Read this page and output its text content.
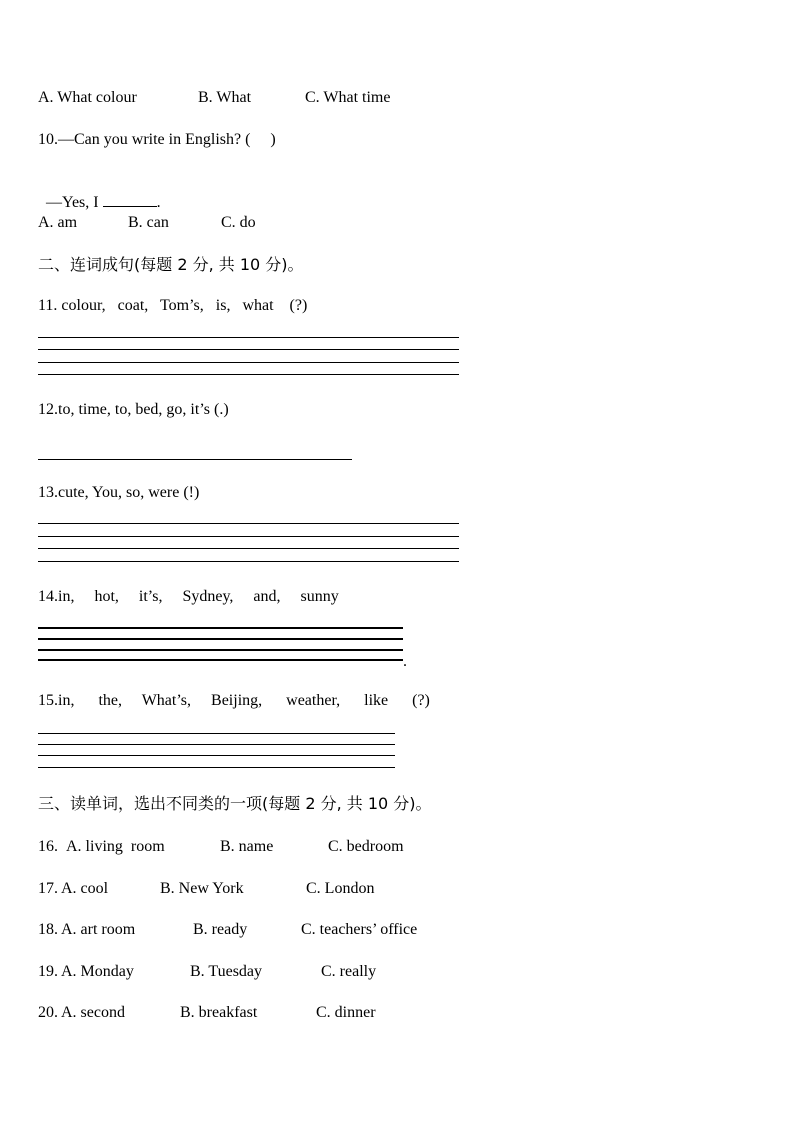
A. What colour	B. What	C. What time
10.—Can you write in English? (     )

—Yes, I	.

A. am	B. can	C. do
二、连词成句(每题 2 分, 共 10 分)。
11. colour,   coat,   Tom’s,   is,   what    (?)
12.to, time, to, bed, go, it’s (.)
13.cute, You, so, were (!)
14.in,     hot,     it’s,     Sydney,     and,     sunny
.
15.in,      the,     What’s,     Beijing,      weather,      like      (?)
三、读单词，选出不同类的一项(每题 2 分, 共 10 分)。
16. A. living  room	B. name	C. bedroom
17. A. cool	B. New York	C. London
18. A. art room	B. ready	C. teachers’ office
19. A. Monday	B. Tuesday	C. really
20. A. second	B. breakfast	C. dinner
